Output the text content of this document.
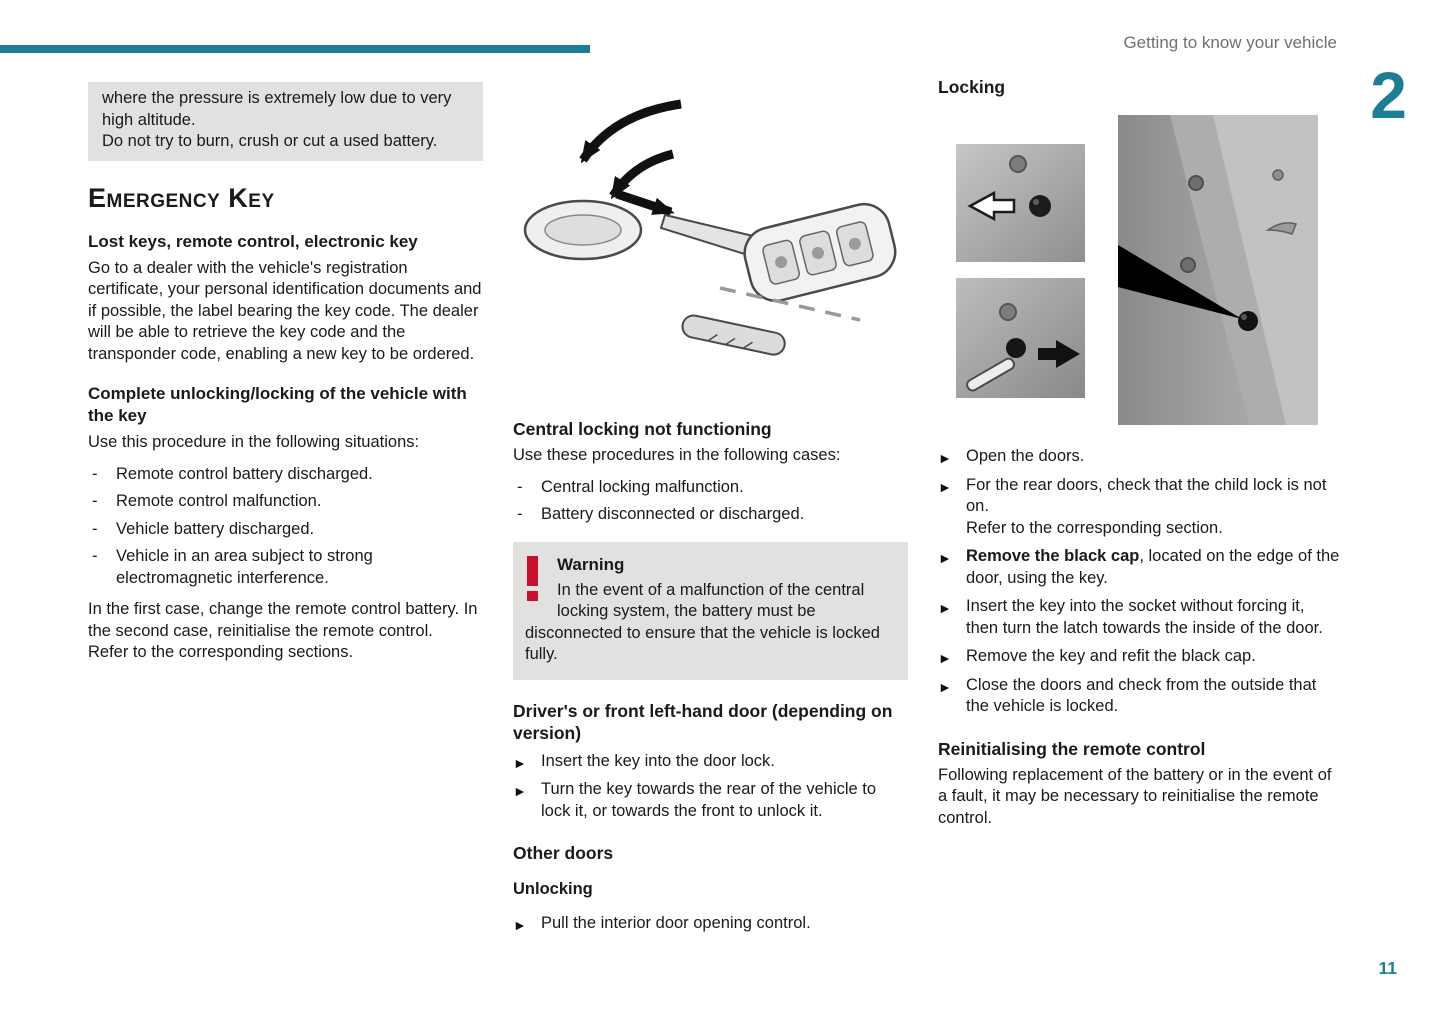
Getting to know your vehicle
2
11
where the pressure is extremely low due to very high altitude.
Do not try to burn, crush or cut a used battery.
Emergency Key
Lost keys, remote control, electronic key
Go to a dealer with the vehicle's registration certificate, your personal identification documents and if possible, the label bearing the key code. The dealer will be able to retrieve the key code and the transponder code, enabling a new key to be ordered.
Complete unlocking/locking of the vehicle with the key
Use this procedure in the following situations:
- Remote control battery discharged.
- Remote control malfunction.
- Vehicle battery discharged.
- Vehicle in an area subject to strong electromagnetic interference.
In the first case, change the remote control battery. In the second case, reinitialise the remote control.
Refer to the corresponding sections.
Central locking not functioning
Use these procedures in the following cases:
- Central locking malfunction.
- Battery disconnected or discharged.
Warning
In the event of a malfunction of the central locking system, the battery must be disconnected to ensure that the vehicle is locked fully.
Driver's or front left-hand door (depending on version)
► Insert the key into the door lock.
► Turn the key towards the rear of the vehicle to lock it, or towards the front to unlock it.
Other doors
Unlocking
► Pull the interior door opening control.
Locking
► Open the doors.
► For the rear doors, check that the child lock is not on.
Refer to the corresponding section.
► Remove the black cap, located on the edge of the door, using the key.
► Insert the key into the socket without forcing it, then turn the latch towards the inside of the door.
► Remove the key and refit the black cap.
► Close the doors and check from the outside that the vehicle is locked.
Reinitialising the remote control
Following replacement of the battery or in the event of a fault, it may be necessary to reinitialise the remote control.
